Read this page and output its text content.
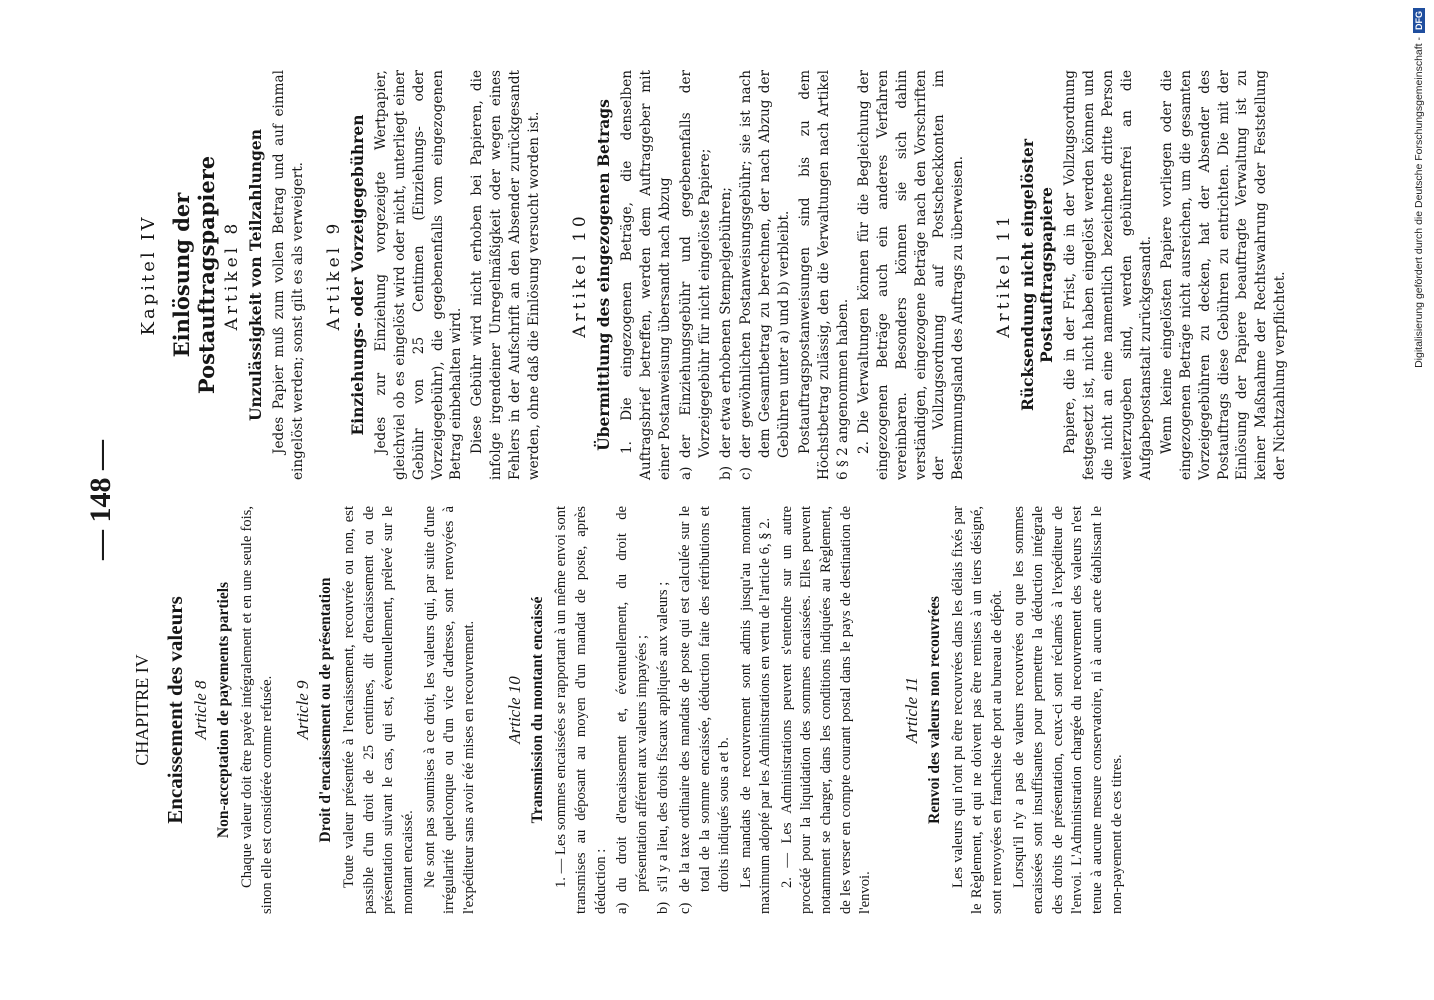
— 148 —
CHAPITRE IV Encaissement des valeurs Article 8 Non-acceptation de payements partiels Chaque valeur doit être payée intégralement et en une seule fois, sinon elle est considérée comme refusée. Article 9 Droit d'encaissement ou de présentation Toute valeur présentée à l'encaissement, recouvrée ou non, est passible d'un droit de 25 centimes, dit d'encaissement ou de présentation suivant le cas, qui est, éventuellement, prélevé sur le montant encaissé. Ne sont pas soumises à ce droit, les valeurs qui, par suite d'une irrégularité quelconque ou d'un vice d'adresse, sont renvoyées à l'expéditeur sans avoir été mises en recouvrement. Article 10 Transmission du montant encaissé 1. — Les sommes encaissées se rapportant à un même envoi sont transmises au déposant au moyen d'un mandat de poste, après déduction : a)
du droit d'encaissement et, éventuellement, du droit de présentation afférent aux valeurs impayées ;
b)
s'il y a lieu, des droits fiscaux appliqués aux valeurs ;
c)
de la taxe ordinaire des mandats de poste qui est calculée sur le total de la somme encaissée, déduction faite des rétributions et droits indiqués sous a et b. Les mandats de recouvrement sont admis jusqu'au montant maximum adopté par les Administrations en vertu de l'article 6, § 2. 2. — Les Administrations peuvent s'entendre sur un autre procédé pour la liquidation des sommes encaissées. Elles peuvent notamment se charger, dans les conditions indiquées au Règlement, de les verser en compte courant postal dans le pays de destination de l'envoi.
Article 11 Renvoi des valeurs non recouvrées Les valeurs qui n'ont pu être recouvrées dans les délais fixés par le Règlement, et qui ne doivent pas être remises à un tiers désigné, sont renvoyées en franchise de port au bureau de dépôt. Lorsqu'il n'y a pas de valeurs recouvrées ou que les sommes encaissées sont insuffisantes pour permettre la déduction intégrale des droits de présentation, ceux-ci sont réclamés à l'expéditeur de l'envoi. L'Administration chargée du recouvrement des valeurs n'est tenue à aucune mesure conservatoire, ni à aucun acte établissant le non-payement de ces titres.
Kapitel IV Einlösung der Postauftragspapiere Artikel 8 Unzulässigkeit von Teilzahlungen Jedes Papier muß zum vollen Betrag und auf einmal eingelöst werden; sonst gilt es als verweigert. Artikel 9 Einziehungs- oder Vorzeigegebühren Jedes zur Einziehung vorgezeigte Wertpapier, gleichviel ob es eingelöst wird oder nicht, unterliegt einer Gebühr von 25 Centimen (Einziehungs- oder Vorzeigegebühr), die gegebenenfalls vom eingezogenen Betrag einbehalten wird. Diese Gebühr wird nicht erhoben bei Papieren, die infolge irgendeiner Unregelmäßigkeit oder wegen eines Fehlers in der Aufschrift an den Absender zurückgesandt werden, ohne daß die Einlösung versucht worden ist. Artikel 10 Übermittlung des eingezogenen Betrags 1. Die eingezogenen Beträge, die denselben Auftragsbrief betreffen, werden dem Auftraggeber mit einer Postanweisung übersandt nach Abzug a)
der Einziehungsgebühr und gegebenenfalls der Vorzeigegebühr für nicht eingelöste Papiere;
b)
der etwa erhobenen Stempelgebühren;
c)
der gewöhnlichen Postanweisungsgebühr; sie ist nach dem Gesamtbetrag zu berechnen, der nach Abzug der Gebühren unter a) und b) verbleibt. Postauftragspostanweisungen sind bis zu dem Höchstbetrag zulässig, den die Verwaltungen nach Artikel 6 § 2 angenommen haben. 2. Die Verwaltungen können für die Begleichung der eingezogenen Beträge auch ein anderes Verfahren vereinbaren. Besonders können sie sich dahin verständigen, eingezogene Beträge nach den Vorschriften der Vollzugsordnung auf Postscheckkonten im Bestimmungsland des Auftrags zu überweisen. Artikel 11 Rücksendung nicht eingelöster Postauftragspapiere Papiere, die in der Frist, die in der Vollzugsordnung festgesetzt ist, nicht haben eingelöst werden können und die nicht an eine namentlich bezeichnete dritte Person weiterzugeben sind, werden gebührenfrei an die Aufgabepostanstalt zurückgesandt. Wenn keine eingelösten Papiere vorliegen oder die eingezogenen Beträge nicht ausreichen, um die gesamten Vorzeigegebühren zu decken, hat der Absender des Postauftrags diese Gebühren zu entrichten. Die mit der Einlösung der Papiere beauftragte Verwaltung ist zu keiner Maßnahme der Rechtswahrung oder Feststellung der Nichtzahlung verpflichtet.
Digitalisierung gefördert durch die Deutsche Forschungsgemeinschaft -
DFG
